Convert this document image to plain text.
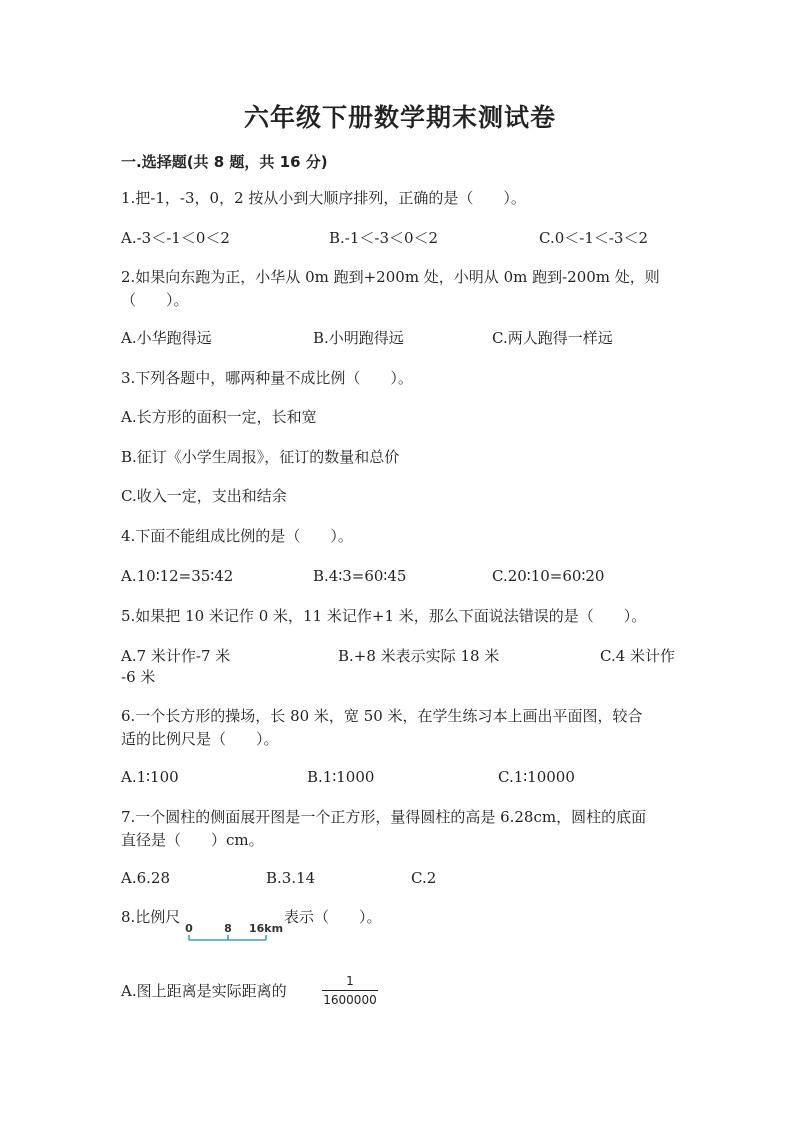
六年级下册数学期末测试卷
一.选择题(共 8 题，共 16 分)
1.把-1，-3，0，2 按从小到大顺序排列，正确的是（　　）。
A.-3＜-1＜0＜2	B.-1＜-3＜0＜2	C.0＜-1＜-3＜2
2.如果向东跑为正，小华从 0m 跑到+200m 处，小明从 0m 跑到-200m 处，则
（　　）。
A.小华跑得远	B.小明跑得远	C.两人跑得一样远
3.下列各题中，哪两种量不成比例（　　）。
A.长方形的面积一定，长和宽
B.征订《小学生周报》，征订的数量和总价
C.收入一定，支出和结余
4.下面不能组成比例的是（　　）。
A.10∶12=35∶42	B.4∶3=60∶45	C.20∶10=60∶20
5.如果把 10 米记作 0 米，11 米记作+1 米，那么下面说法错误的是（　　）。
A.7 米计作-7 米	B.+8 米表示实际 18 米	C.4 米计作
-6 米
6.一个长方形的操场，长 80 米，宽 50 米，在学生练习本上画出平面图，较合
适的比例尺是（　　）。
A.1∶100	B.1∶1000	C.1∶10000
7.一个圆柱的侧面展开图是一个正方形，量得圆柱的高是 6.28cm，圆柱的底面
直径是（　　）cm。
A.6.28	B.3.14	C.2
8.比例尺
0	8 16km
表示（　　）。
A.图上距离是实际距离的
1
1600000
